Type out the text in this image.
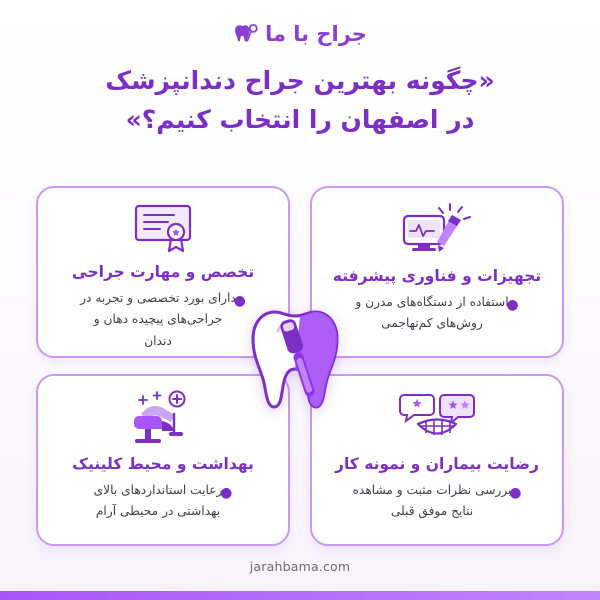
جراح با ما
«چگونه بهترین جراح دندانپزشک
در اصفهان را انتخاب کنیم؟»
تجهیزات و فناوری پیشرفته
●
استفاده از دستگاه‌های مدرن و
روش‌های کم‌تهاجمی
تخصص و مهارت جراحی
●
دارای بورد تخصصی و تجربه در
جراحی‌های پیچیده دهان و
دندان
رضایت بیماران و نمونه کار
●
بررسی نظرات مثبت و مشاهده
نتایج موفق قبلی
بهداشت و محیط کلینیک
●
رعایت استانداردهای بالای
بهداشتی در محیطی آرام
jarahbama.com
